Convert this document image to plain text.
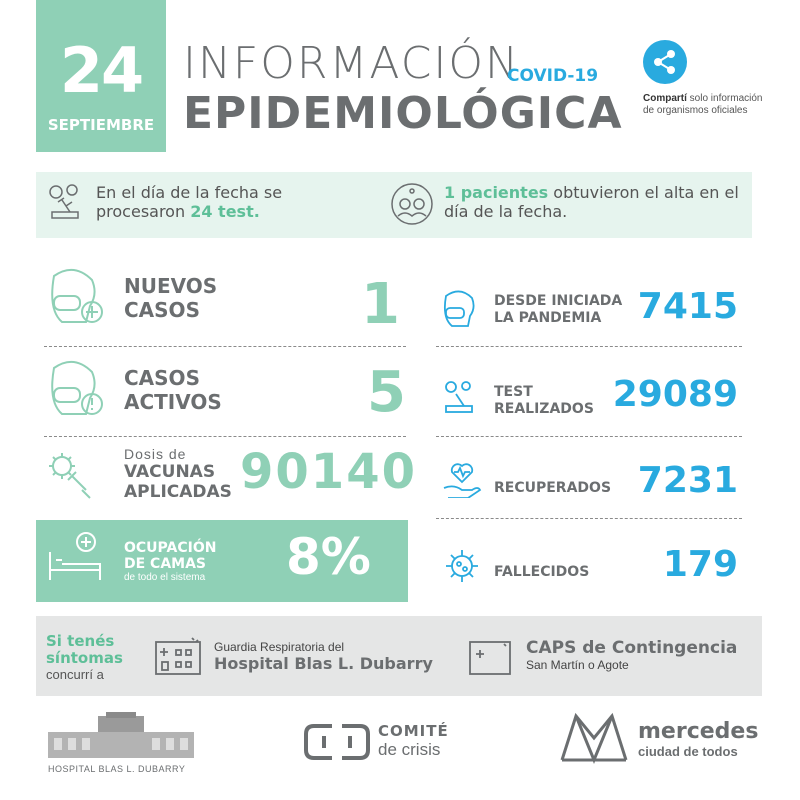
24
SEPTIEMBRE
INFORMACIÓN
COVID-19
EPIDEMIOLÓGICA Compartí solo información de organismos oficiales
En el día de la fecha se procesaron 24 test.
1 pacientes obtuvieron el alta en el día de la fecha.
NUEVOS
CASOS	1
CASOS
ACTIVOS	5
Dosis de
VACUNAS
APLICADAS 90140
OCUPACIÓN
DE CAMAS
de todo el sistema 8%
DESDE INICIADA
LA PANDEMIA	7415
TEST
REALIZADOS 29089
RECUPERADOS 7231
FALLECIDOS	179
Si tenés
síntomas
concurrí a
Guardia Respiratoria del
Hospital Blas L. Dubarry
CAPS de Contingencia
San Martín o Agote
HOSPITAL BLAS L. DUBARRY
COMITÉ
de crisis
mercedes
ciudad de todos
